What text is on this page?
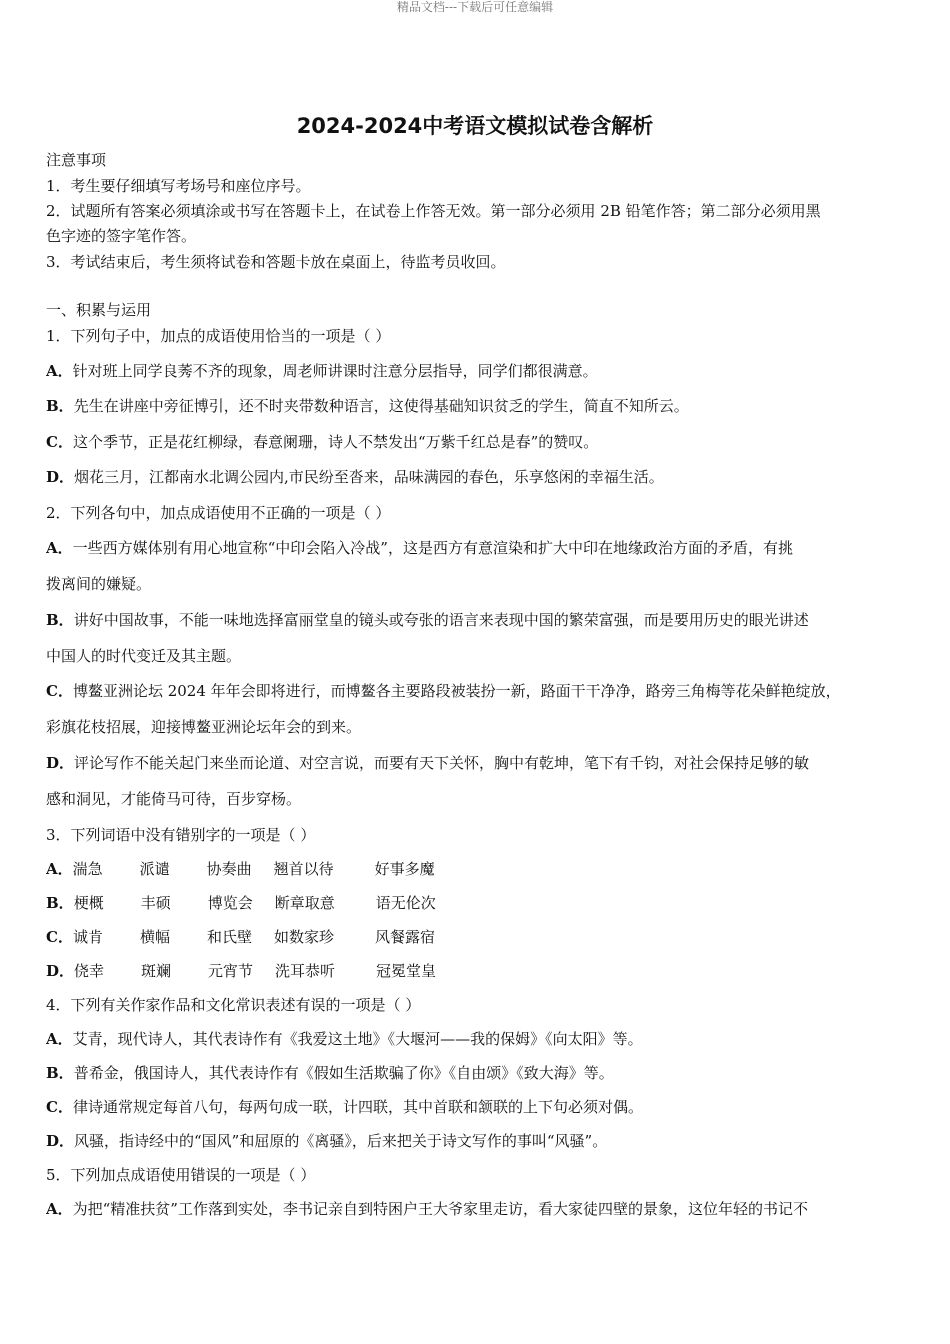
精品文档---下载后可任意编辑
2024-2024中考语文模拟试卷含解析
注意事项
1．考生要仔细填写考场号和座位序号。
2．试题所有答案必须填涂或书写在答题卡上，在试卷上作答无效。第一部分必须用 2B 铅笔作答；第二部分必须用黑
色字迹的签字笔作答。
3．考试结束后，考生须将试卷和答题卡放在桌面上，待监考员收回。
一、积累与运用
1．下列句子中，加点的成语使用恰当的一项是（ ）
A．针对班上同学良莠不齐的现象，周老师讲课时注意分层指导，同学们都很满意。
B．先生在讲座中旁征博引，还不时夹带数种语言，这使得基础知识贫乏的学生，简直不知所云。
C．这个季节，正是花红柳绿，春意阑珊，诗人不禁发出“万紫千红总是春”的赞叹。
D．烟花三月，江都南水北调公园内,市民纷至沓来，品味满园的春色，乐享悠闲的幸福生活。
2．下列各句中，加点成语使用不正确的一项是（ ）
A．一些西方媒体别有用心地宣称“中印会陷入冷战”，这是西方有意渲染和扩大中印在地缘政治方面的矛盾，有挑
拨离间的嫌疑。
B．讲好中国故事，不能一味地选择富丽堂皇的镜头或夸张的语言来表现中国的繁荣富强，而是要用历史的眼光讲述
中国人的时代变迁及其主题。
C．博鳌亚洲论坛 2024 年年会即将进行，而博鳌各主要路段被装扮一新，路面干干净净，路旁三角梅等花朵鲜艳绽放，
彩旗花枝招展，迎接博鳌亚洲论坛年会的到来。
D．评论写作不能关起门来坐而论道、对空言说，而要有天下关怀，胸中有乾坤，笔下有千钧，对社会保持足够的敏
感和洞见，才能倚马可待，百步穿杨。
3．下列词语中没有错别字的一项是（ ）
A．湍急 派谴 协奏曲 翘首以待	好事多魔
B．梗概 丰硕 博览会 断章取意	语无伦次
C．诚肯 横幅 和氏壁 如数家珍	风餐露宿
D．侥幸 斑斓 元宵节 洗耳恭听	冠冕堂皇
4．下列有关作家作品和文化常识表述有误的一项是（ ）
A．艾青，现代诗人，其代表诗作有《我爱这土地》《大堰河——我的保姆》《向太阳》等。
B．普希金，俄国诗人，其代表诗作有《假如生活欺骗了你》《自由颂》《致大海》等。
C．律诗通常规定每首八句，每两句成一联，计四联，其中首联和颔联的上下句必须对偶。
D．风骚，指诗经中的“国风”和屈原的《离骚》，后来把关于诗文写作的事叫“风骚”。
5．下列加点成语使用错误的一项是（ ）
A．为把“精准扶贫”工作落到实处，李书记亲自到特困户王大爷家里走访，看大家徒四壁的景象，这位年轻的书记不
